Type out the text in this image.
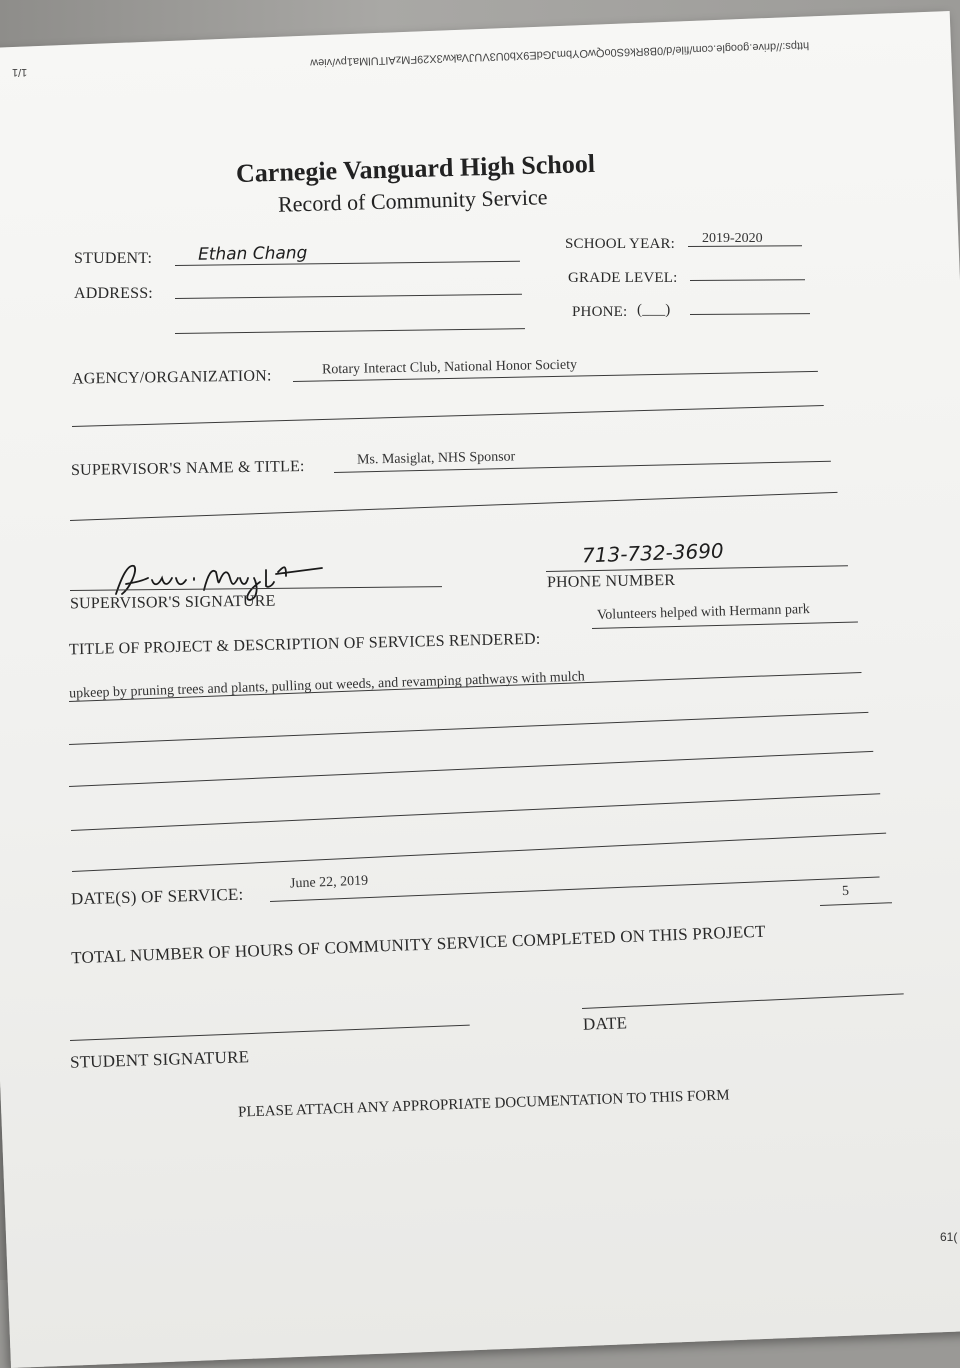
https://drive.google.com/file/d/0B8Rk6S0oQwOYbmJGdE9Xb0U3VUJVakw3X29FMzAITUlMa1pv/view
1/1
Carnegie Vanguard High School
Record of Community Service
STUDENT:	Ethan Chang	SCHOOL YEAR: 2019-2020
ADDRESS:
GRADE LEVEL:
PHONE: (___)
AGENCY/ORGANIZATION:	Rotary Interact Club, National Honor Society
SUPERVISOR'S NAME & TITLE:	Ms. Masiglat, NHS Sponsor
SUPERVISOR'S SIGNATURE
713-732-3690
PHONE NUMBER
TITLE OF PROJECT & DESCRIPTION OF SERVICES RENDERED:
Volunteers helped with Hermann park
upkeep by pruning trees and plants, pulling out weeds, and revamping pathways with mulch
DATE(S) OF SERVICE:
June 22, 2019
TOTAL NUMBER OF HOURS OF COMMUNITY SERVICE COMPLETED ON THIS PROJECT
5
STUDENT SIGNATURE
DATE
PLEASE ATTACH ANY APPROPRIATE DOCUMENTATION TO THIS FORM
61(
